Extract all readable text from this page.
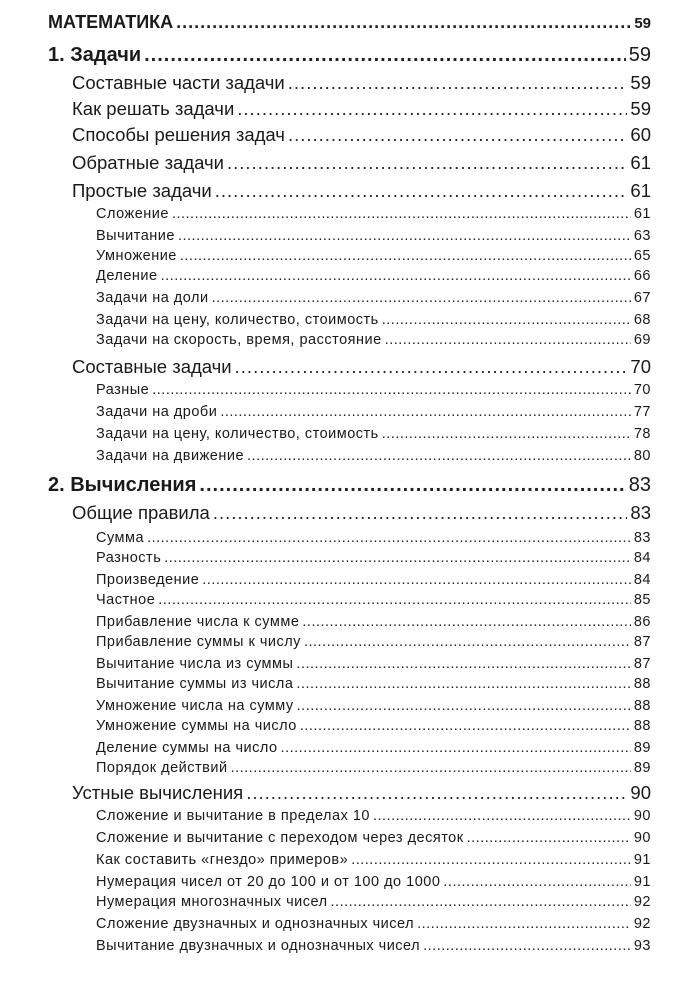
МАТЕМАТИКА .....	59
1. Задачи .....	59
Составные части задачи .....	59
Как решать задачи .....	59
Способы решения задач .....	60
Обратные задачи .....	61
Простые задачи .....	61
Сложение .....	61
Вычитание .....	63
Умножение .....	65
Деление .....	66
Задачи на доли .....	67
Задачи на цену, количество, стоимость .....	68
Задачи на скорость, время, расстояние .....	69
Составные задачи .....	70
Разные .....	70
Задачи на дроби .....	77
Задачи на цену, количество, стоимость .....	78
Задачи на движение .....	80
2. Вычисления .....	83
Общие правила .....	83
Сумма .....	83
Разность .....	84
Произведение .....	84
Частное .....	85
Прибавление числа к сумме .....	86
Прибавление суммы к числу .....	87
Вычитание числа из суммы .....	87
Вычитание суммы из числа .....	88
Умножение числа на сумму .....	88
Умножение суммы на число .....	88
Деление суммы на число .....	89
Порядок действий .....	89
Устные вычисления .....	90
Сложение и вычитание в пределах 10 .....	90
Сложение и вычитание с переходом через десяток .....	90
Как составить «гнездо» примеров» .....	91
Нумерация чисел от 20 до 100 и от 100 до 1000 .....	91
Нумерация многозначных чисел .....	92
Сложение двузначных и однозначных чисел .....	92
Вычитание двузначных и однозначных чисел .....	93
